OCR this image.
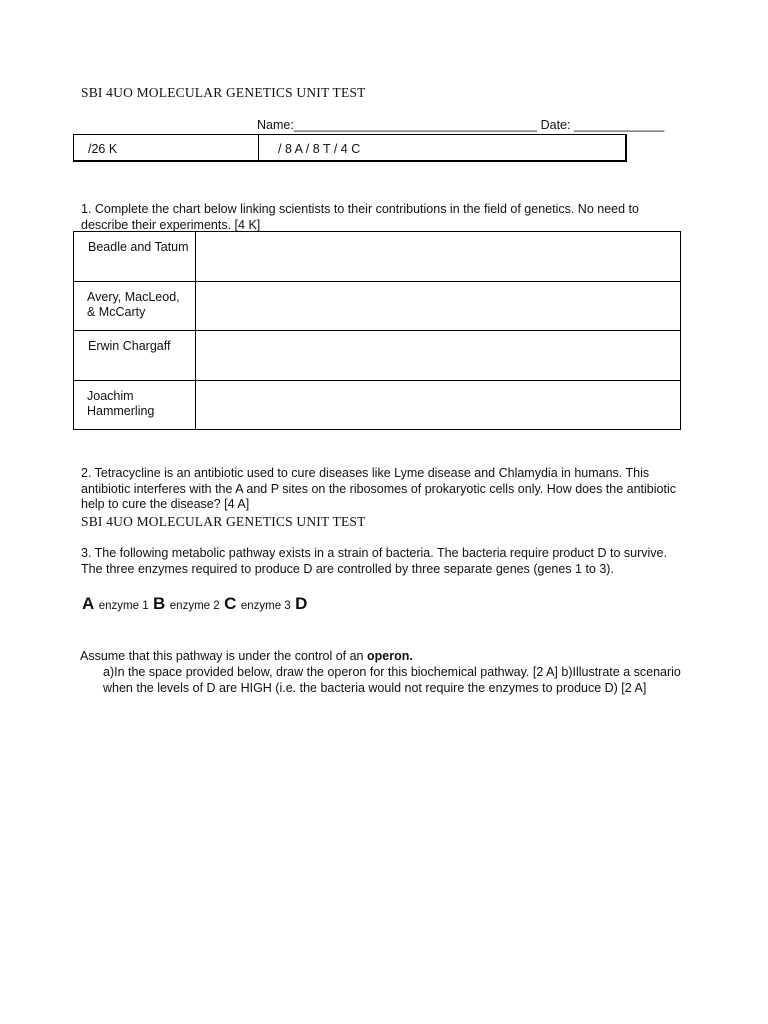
SBI 4UO MOLECULAR GENETICS UNIT TEST
Name:___________________________________ Date: _____________
/26 K	/ 8 A / 8 T / 4 C
1. Complete the chart below linking scientists to their contributions in the field of genetics. No need to describe their experiments. [4 K]
Beadle and Tatum	

Avery, MacLeod,
& McCarty	

Erwin Chargaff	

Joachim
Hammerling	

2. Tetracycline is an antibiotic used to cure diseases like Lyme disease and Chlamydia in humans. This antibiotic interferes with the A and P sites on the ribosomes of prokaryotic cells only. How does the antibiotic help to cure the disease? [4 A]
SBI 4UO MOLECULAR GENETICS UNIT TEST
3. The following metabolic pathway exists in a strain of bacteria. The bacteria require product D to survive. The three enzymes required to produce D are controlled by three separate genes (genes 1 to 3).
A enzyme 1 B enzyme 2 C enzyme 3 D
Assume that this pathway is under the control of an operon.
a)In the space provided below, draw the operon for this biochemical pathway. [2 A] b)Illustrate a scenario when the levels of D are HIGH (i.e. the bacteria would not require the enzymes to produce D) [2 A]
